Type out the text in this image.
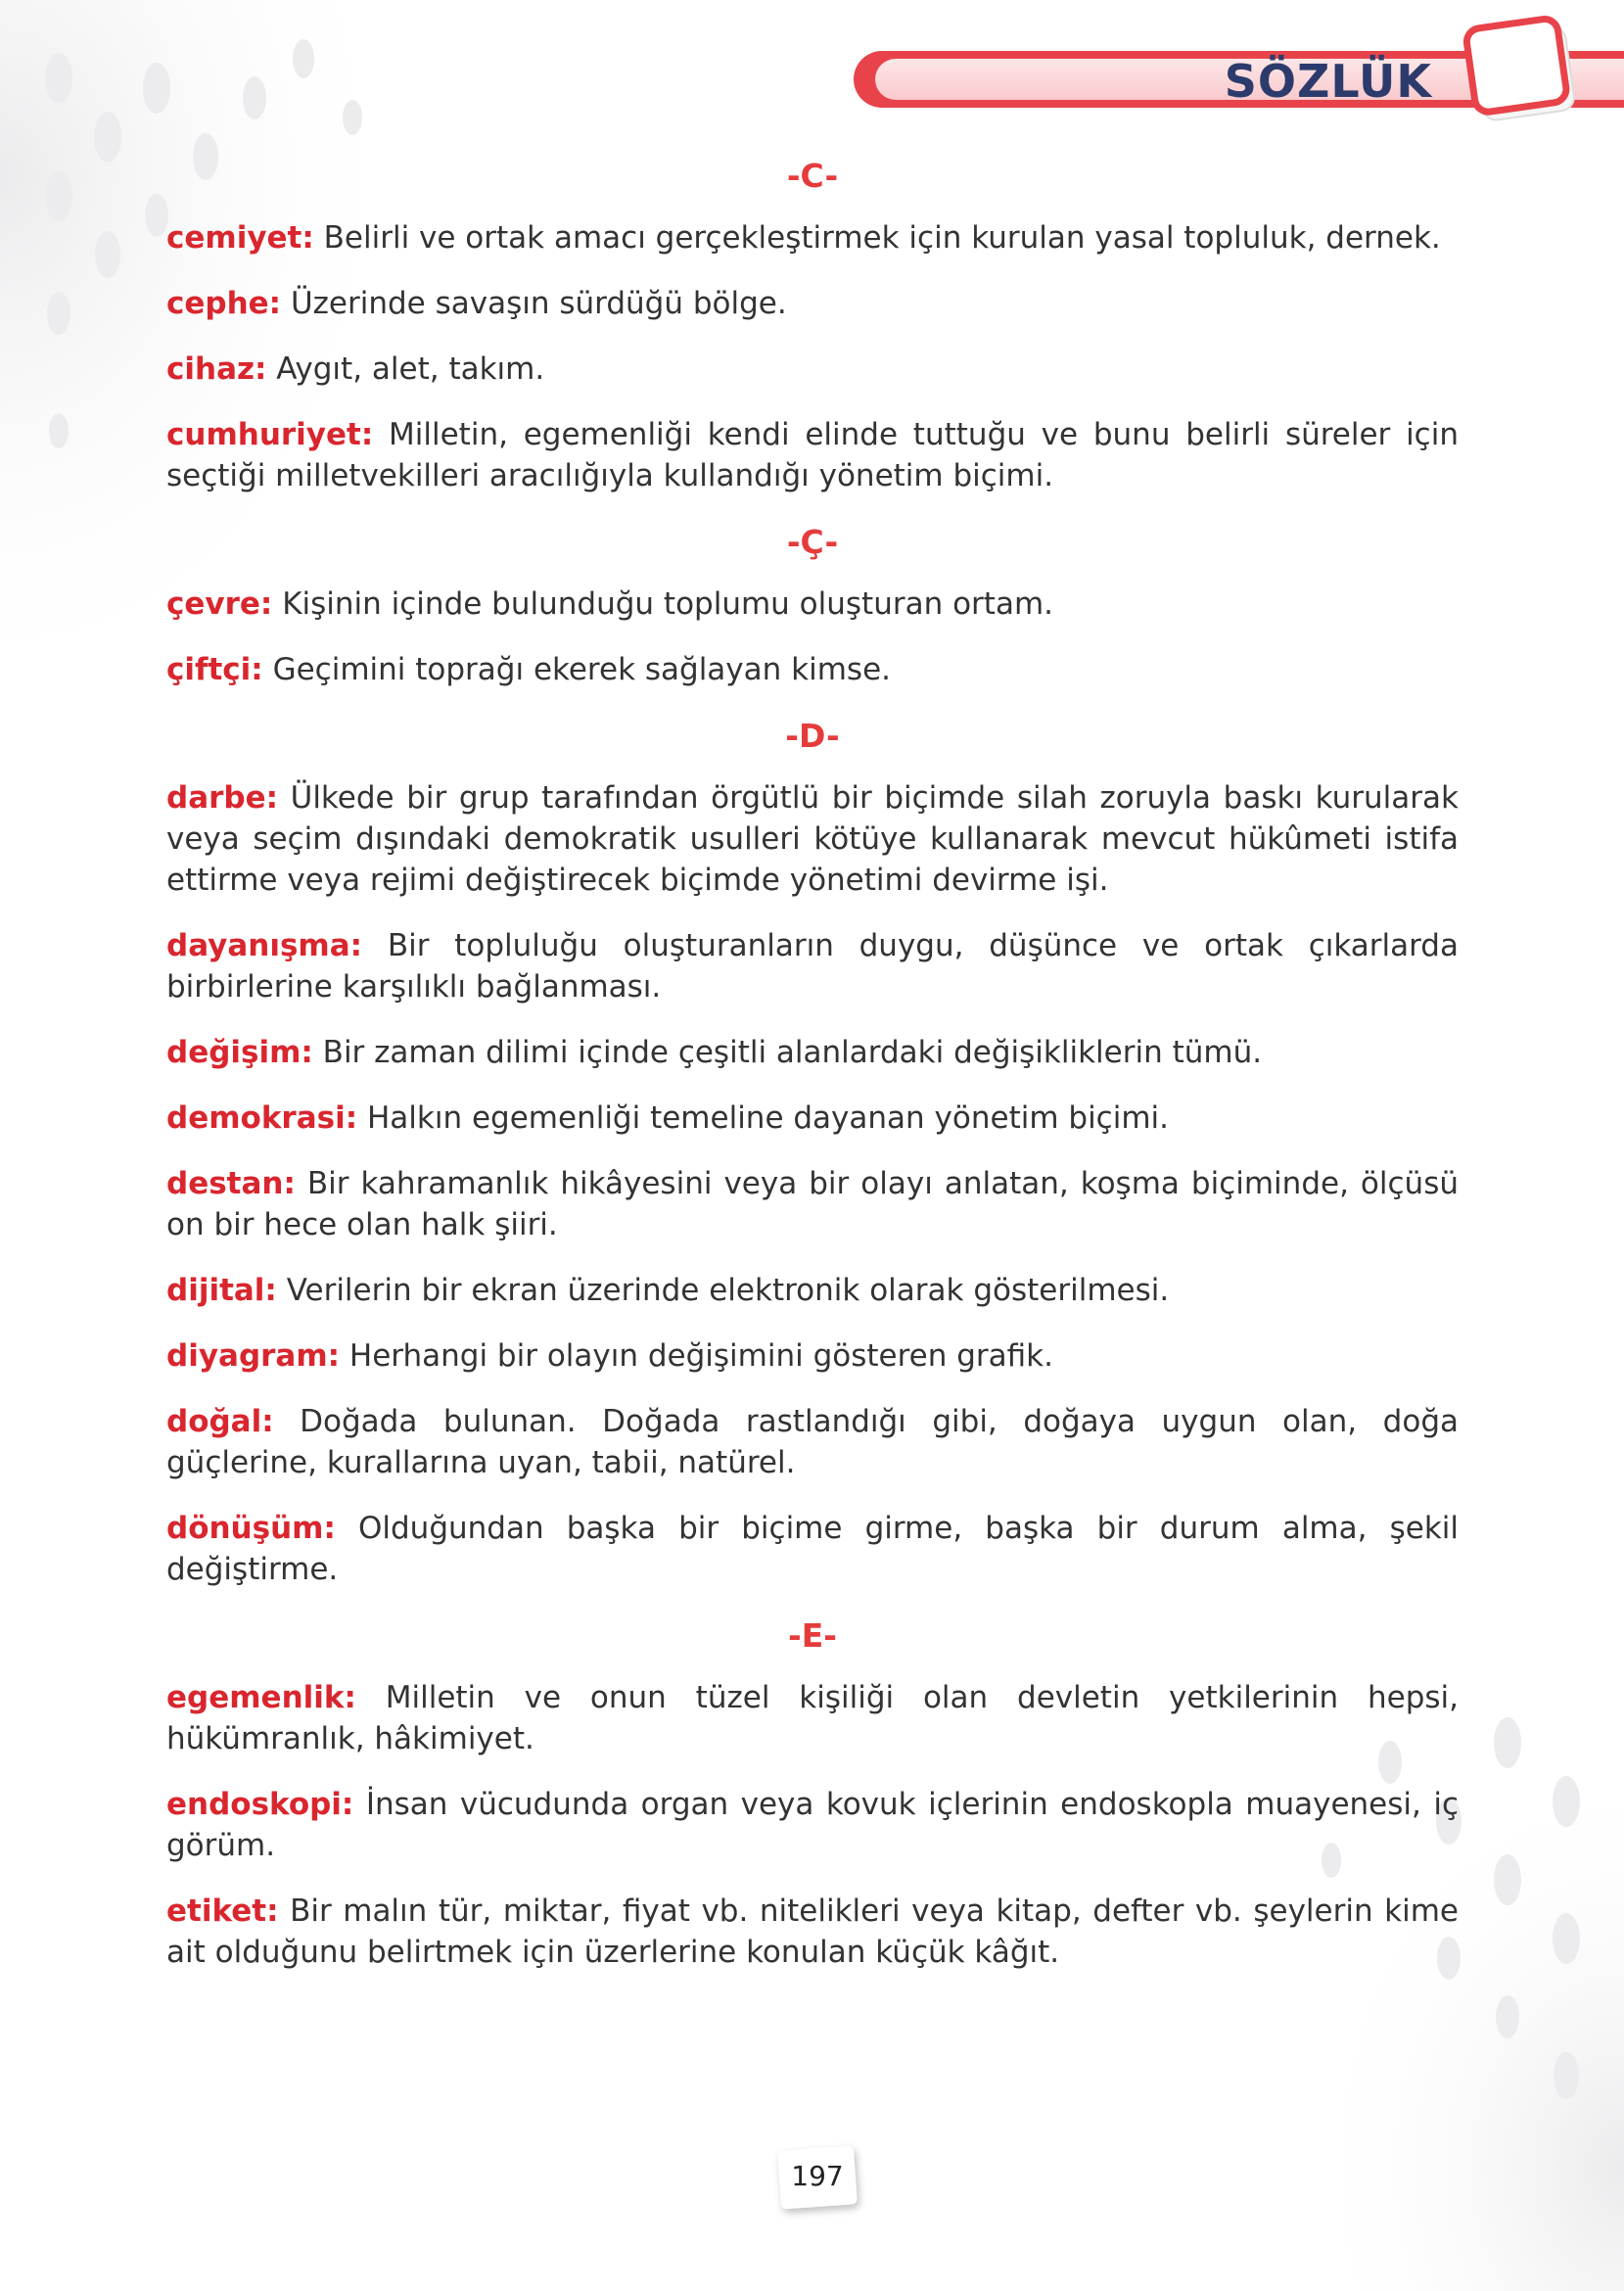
SÖZLÜK
-C-
cemiyet: Belirli ve ortak amacı gerçekleştirmek için kurulan yasal topluluk, dernek.
cephe: Üzerinde savaşın sürdüğü bölge.
cihaz: Aygıt, alet, takım.
cumhuriyet: Milletin, egemenliği kendi elinde tuttuğu ve bunu belirli süreler için seçtiği milletvekilleri aracılığıyla kullandığı yönetim biçimi.
-Ç-
çevre: Kişinin içinde bulunduğu toplumu oluşturan ortam.
çiftçi: Geçimini toprağı ekerek sağlayan kimse.
-D-
darbe: Ülkede bir grup tarafından örgütlü bir biçimde silah zoruyla baskı kurularak veya seçim dışındaki demokratik usulleri kötüye kullanarak mevcut hükûmeti istifa ettirme veya rejimi değiştirecek biçimde yönetimi devirme işi.
dayanışma: Bir topluluğu oluşturanların duygu, düşünce ve ortak çıkarlarda birbirlerine karşılıklı bağlanması.
değişim: Bir zaman dilimi içinde çeşitli alanlardaki değişikliklerin tümü.
demokrasi: Halkın egemenliği temeline dayanan yönetim biçimi.
destan: Bir kahramanlık hikâyesini veya bir olayı anlatan, koşma biçiminde, ölçüsü on bir hece olan halk şiiri.
dijital: Verilerin bir ekran üzerinde elektronik olarak gösterilmesi.
diyagram: Herhangi bir olayın değişimini gösteren grafik.
doğal: Doğada bulunan. Doğada rastlandığı gibi, doğaya uygun olan, doğa güçlerine, kurallarına uyan, tabii, natürel.
dönüşüm: Olduğundan başka bir biçime girme, başka bir durum alma, şekil değiştirme.
-E-
egemenlik: Milletin ve onun tüzel kişiliği olan devletin yetkilerinin hepsi, hükümranlık, hâkimiyet.
endoskopi: İnsan vücudunda organ veya kovuk içlerinin endoskopla muayenesi, iç görüm.
etiket: Bir malın tür, miktar, fiyat vb. nitelikleri veya kitap, defter vb. şeylerin kime ait olduğunu belirtmek için üzerlerine konulan küçük kâğıt.
197
